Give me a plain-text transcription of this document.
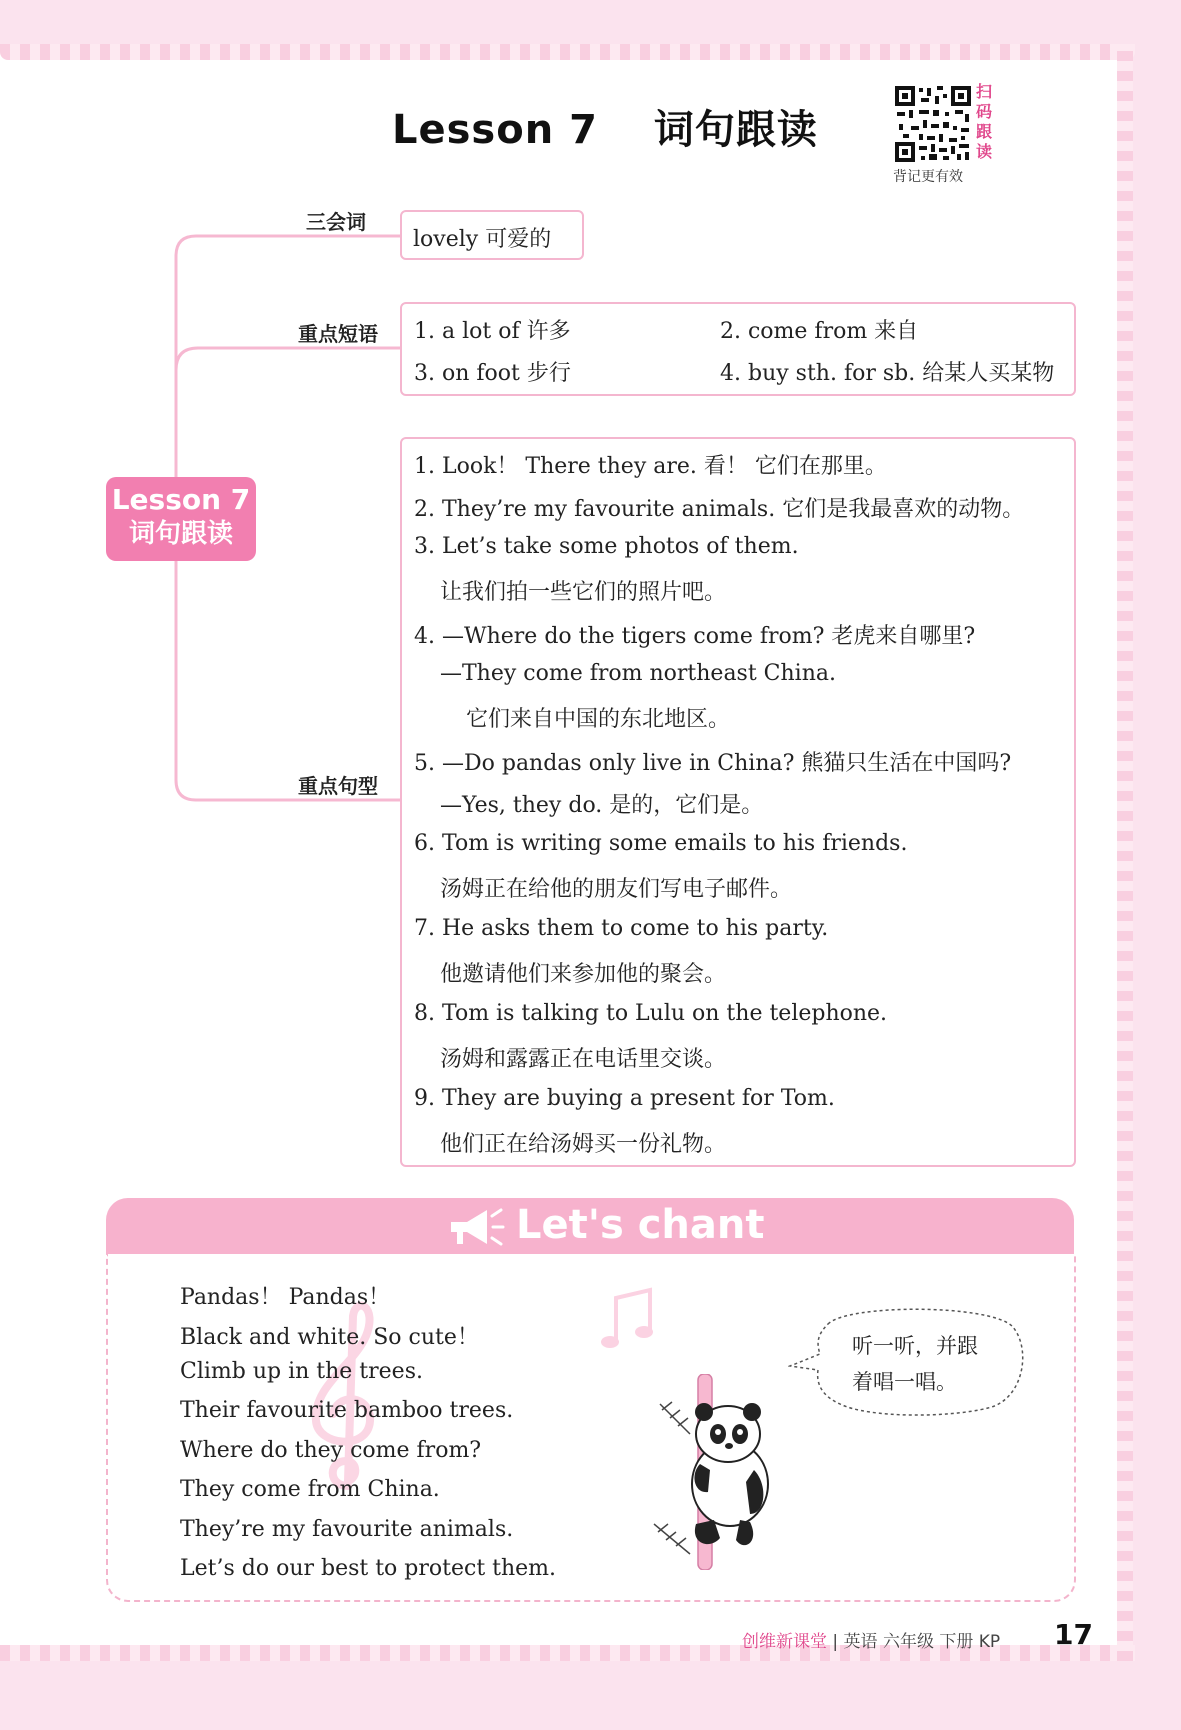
Lesson 7　 词句跟读
扫
码
跟
读
背记更有效
Lesson 7
词句跟读
三会词
重点短语
重点句型
lovely 可爱的
1. a lot of 许多	2. come from 来自
3. on foot 步行	4. buy sth. for sb. 给某人买某物
1. Look！ There they are. 看！ 它们在那里。
2. They’re my favourite animals. 它们是我最喜欢的动物。
3. Let’s take some photos of them.
让我们拍一些它们的照片吧。
4. —Where do the tigers come from? 老虎来自哪里?
—They come from northeast China.
它们来自中国的东北地区。
5. —Do pandas only live in China? 熊猫只生活在中国吗?
—Yes, they do. 是的，它们是。
6. Tom is writing some emails to his friends.
汤姆正在给他的朋友们写电子邮件。
7. He asks them to come to his party.
他邀请他们来参加他的聚会。
8. Tom is talking to Lulu on the telephone.
汤姆和露露正在电话里交谈。
9. They are buying a present for Tom.
他们正在给汤姆买一份礼物。
Let's chant
Pandas！ Pandas！
Black and white. So cute！
Climb up in the trees.
Their favourite bamboo trees.
Where do they come from?
They come from China.
They’re my favourite animals.
Let’s do our best to protect them.
听一听，并跟
着唱一唱。
创维新课堂 | 英语 六年级 下册 KP 17
